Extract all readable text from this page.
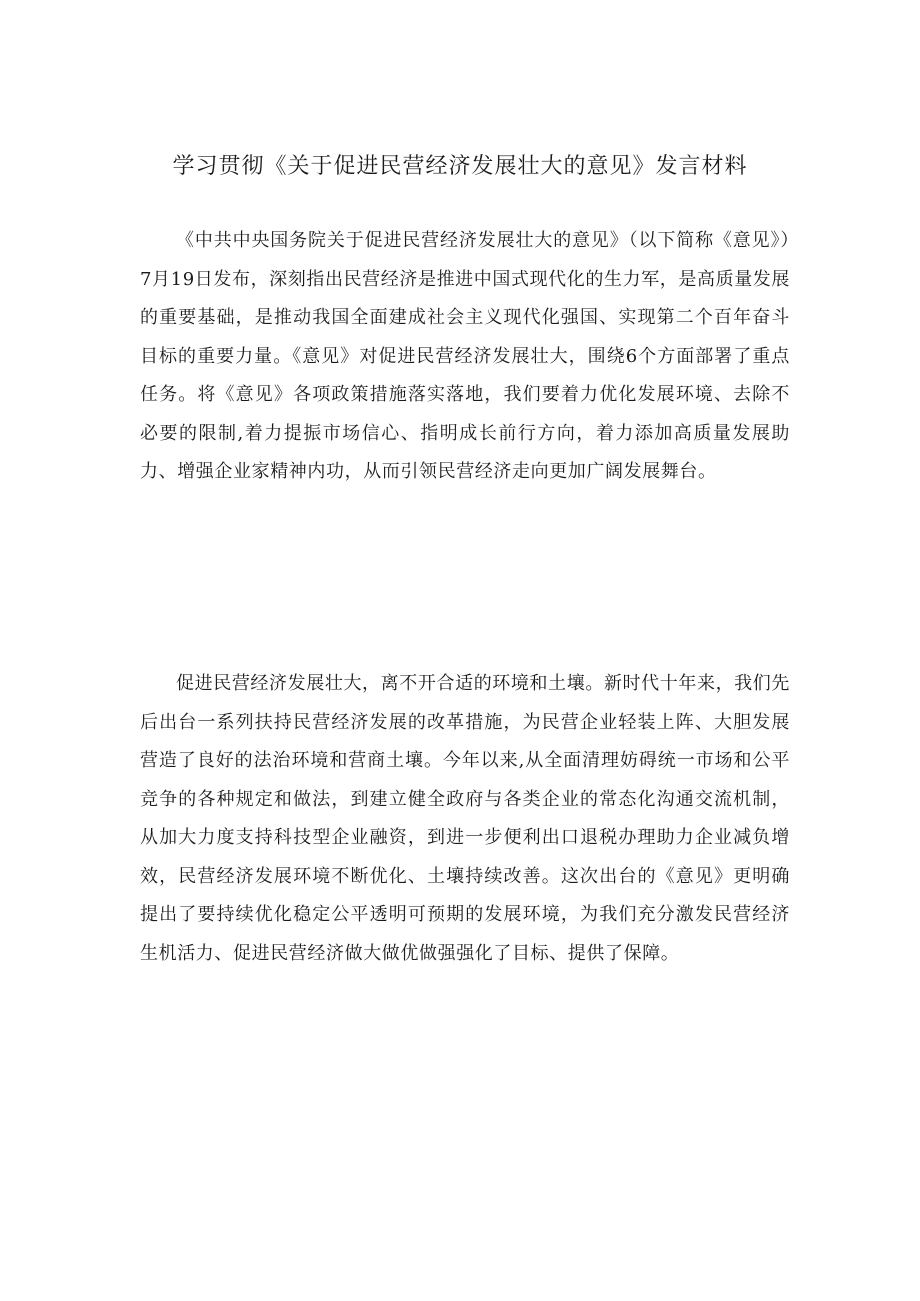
学习贯彻《关于促进民营经济发展壮大的意见》发言材料

《中共中央国务院关于促进民营经济发展壮大的意见》（以下简称《意见》）7月19日发布，深刻指出民营经济是推进中国式现代化的生力军，是高质量发展的重要基础，是推动我国全面建成社会主义现代化强国、实现第二个百年奋斗目标的重要力量。《意见》对促进民营经济发展壮大，围绕6个方面部署了重点任务。将《意见》各项政策措施落实落地，我们要着力优化发展环境、去除不必要的限制,着力提振市场信心、指明成长前行方向，着力添加高质量发展助力、增强企业家精神内功，从而引领民营经济走向更加广阔发展舞台。

促进民营经济发展壮大，离不开合适的环境和土壤。新时代十年来，我们先后出台一系列扶持民营经济发展的改革措施，为民营企业轻装上阵、大胆发展营造了良好的法治环境和营商土壤。今年以来,从全面清理妨碍统一市场和公平竞争的各种规定和做法，到建立健全政府与各类企业的常态化沟通交流机制，从加大力度支持科技型企业融资，到进一步便利出口退税办理助力企业减负增效，民营经济发展环境不断优化、土壤持续改善。这次出台的《意见》更明确提出了要持续优化稳定公平透明可预期的发展环境，为我们充分激发民营经济生机活力、促进民营经济做大做优做强强化了目标、提供了保障。
